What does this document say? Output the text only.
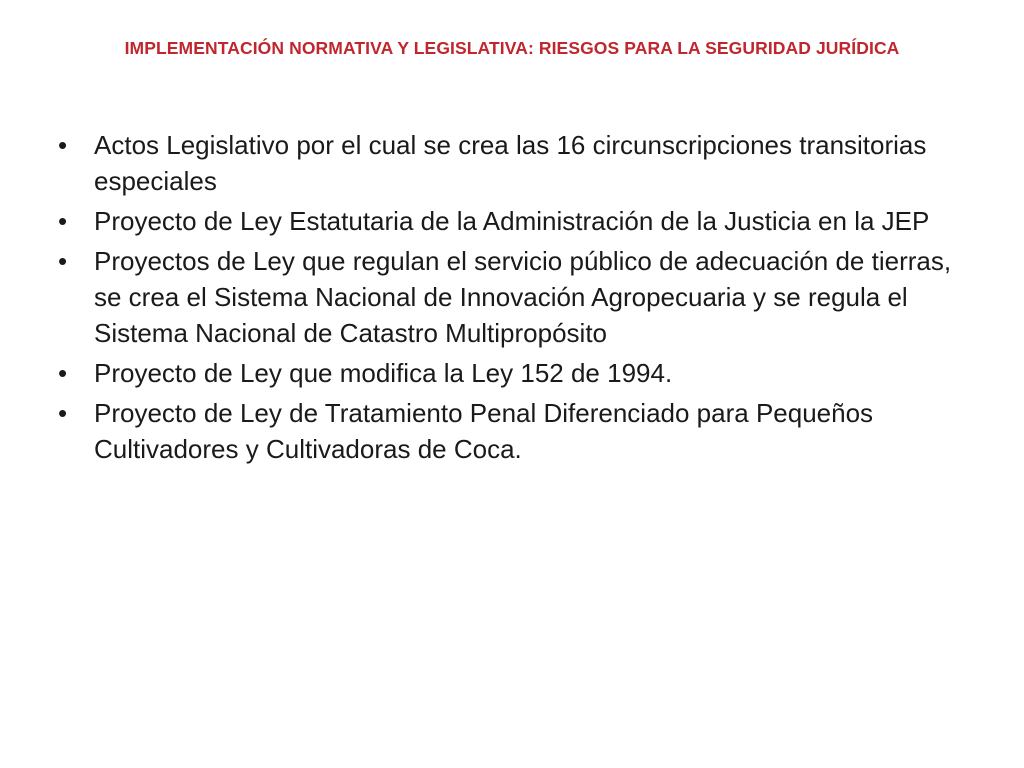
IMPLEMENTACIÓN NORMATIVA Y LEGISLATIVA: RIESGOS PARA LA SEGURIDAD JURÍDICA
•	Actos Legislativo por el cual se crea las 16 circunscripciones transitorias especiales
•	Proyecto de Ley Estatutaria de la Administración de la Justicia en la JEP
•	Proyectos de Ley que regulan el servicio público de adecuación de tierras, se crea el Sistema Nacional de Innovación Agropecuaria y se regula el Sistema Nacional de Catastro Multipropósito
•	Proyecto de Ley que modifica la Ley 152 de 1994.
•	Proyecto de Ley de Tratamiento Penal Diferenciado para Pequeños Cultivadores y Cultivadoras de Coca.
